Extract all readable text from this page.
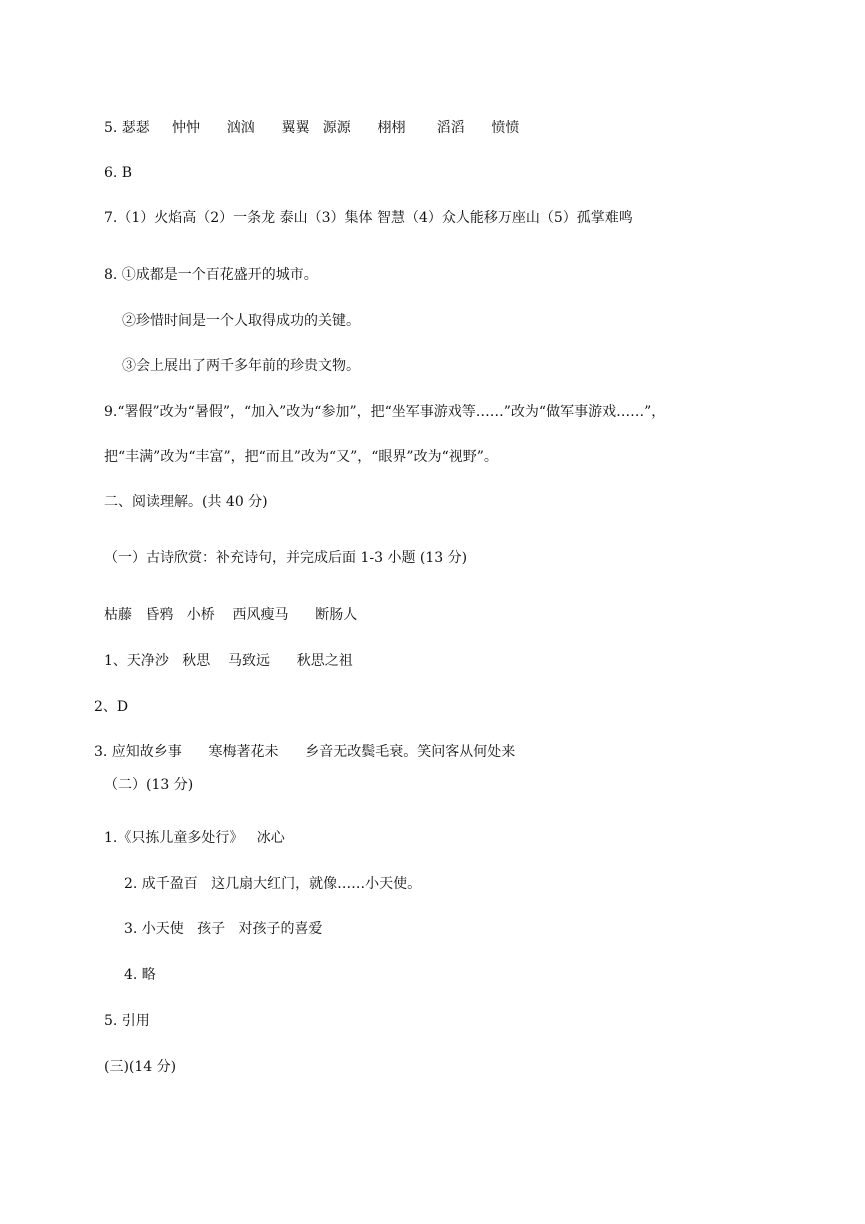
5. 瑟瑟     忡忡      汹汹      翼翼   源源      栩栩       滔滔      愤愤
6. B
7.（1）火焰高（2）一条龙 泰山（3）集体 智慧（4）众人能移万座山（5）孤掌难鸣
8. ①成都是一个百花盛开的城市。
②珍惜时间是一个人取得成功的关键。
③会上展出了两千多年前的珍贵文物。
9.“署假”改为“暑假”，“加入”改为“参加”，把“坐军事游戏等……”改为“做军事游戏……”，
把“丰满”改为“丰富”，把“而且”改为“又”，“眼界”改为“视野”。
二、阅读理解。(共 40 分)
（一）古诗欣赏：补充诗句，并完成后面 1-3 小题 (13 分)
枯藤   昏鸦   小桥    西风瘦马      断肠人
1、天净沙   秋思    马致远      秋思之祖
2、D
3. 应知故乡事      寒梅著花未      乡音无改鬓毛衰。笑问客从何处来
（二）(13 分)
1.《只拣儿童多处行》   冰心
2. 成千盈百   这几扇大红门，就像……小天使。
3. 小天使   孩子   对孩子的喜爱
4. 略
5. 引用
(三)(14 分)
